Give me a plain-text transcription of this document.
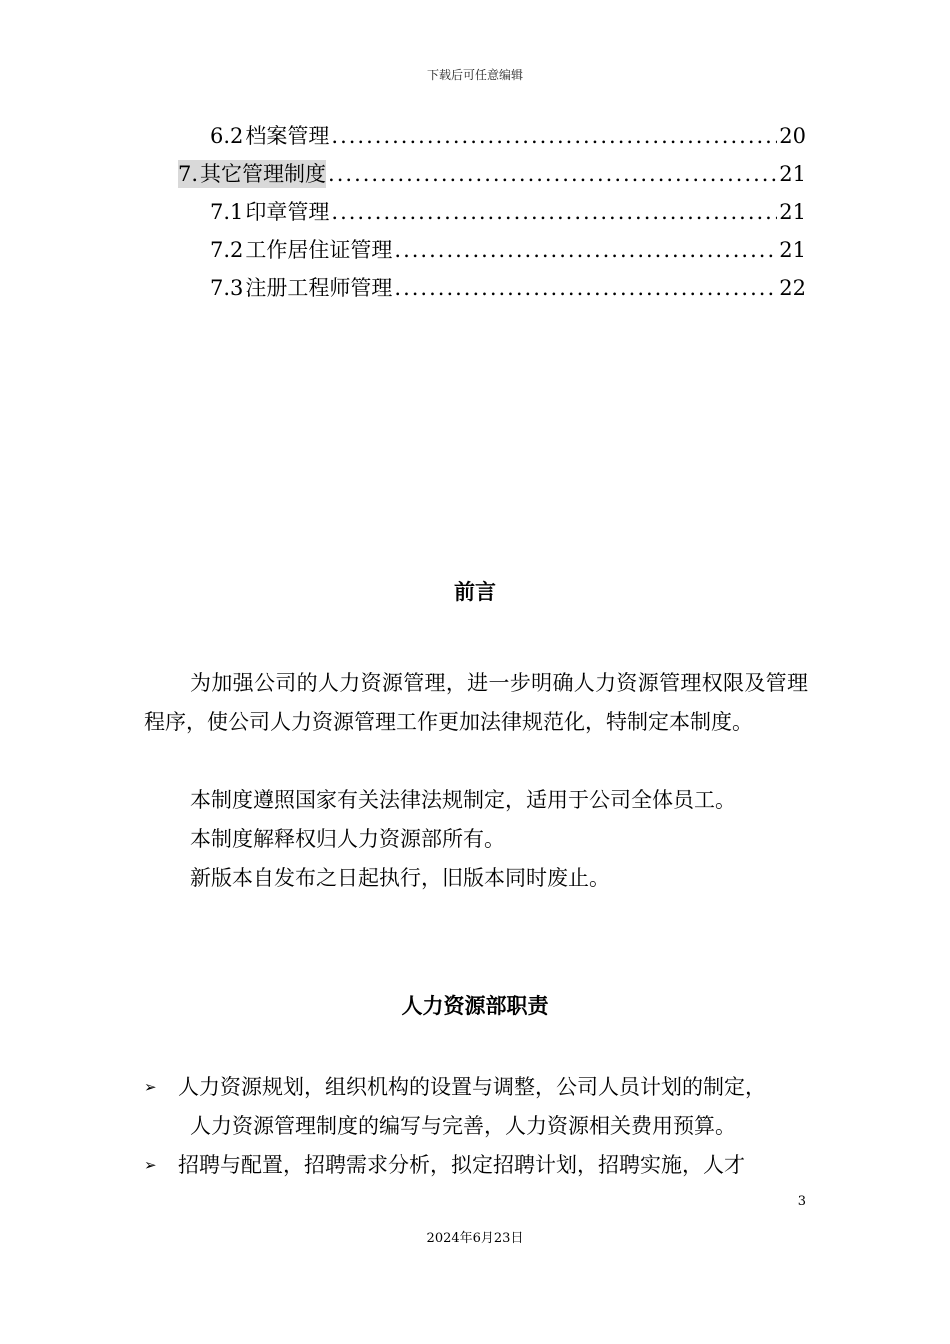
下载后可任意编辑
6.2档案管理 .....	20
7.其它管理制度 .....	21
7.1印章管理 .....	21
7.2工作居住证管理 .....	21
7.3注册工程师管理 .....	22
前言
为加强公司的人力资源管理，进一步明确人力资源管理权限及管理程序，使公司人力资源管理工作更加法律规范化，特制定本制度。
本制度遵照国家有关法律法规制定，适用于公司全体员工。
本制度解释权归人力资源部所有。
新版本自发布之日起执行，旧版本同时废止。
人力资源部职责
➢ 人力资源规划，组织机构的设置与调整，公司人员计划的制定，
人力资源管理制度的编写与完善，人力资源相关费用预算。
➢ 招聘与配置，招聘需求分析，拟定招聘计划，招聘实施，人才
3
2024年6月23日
